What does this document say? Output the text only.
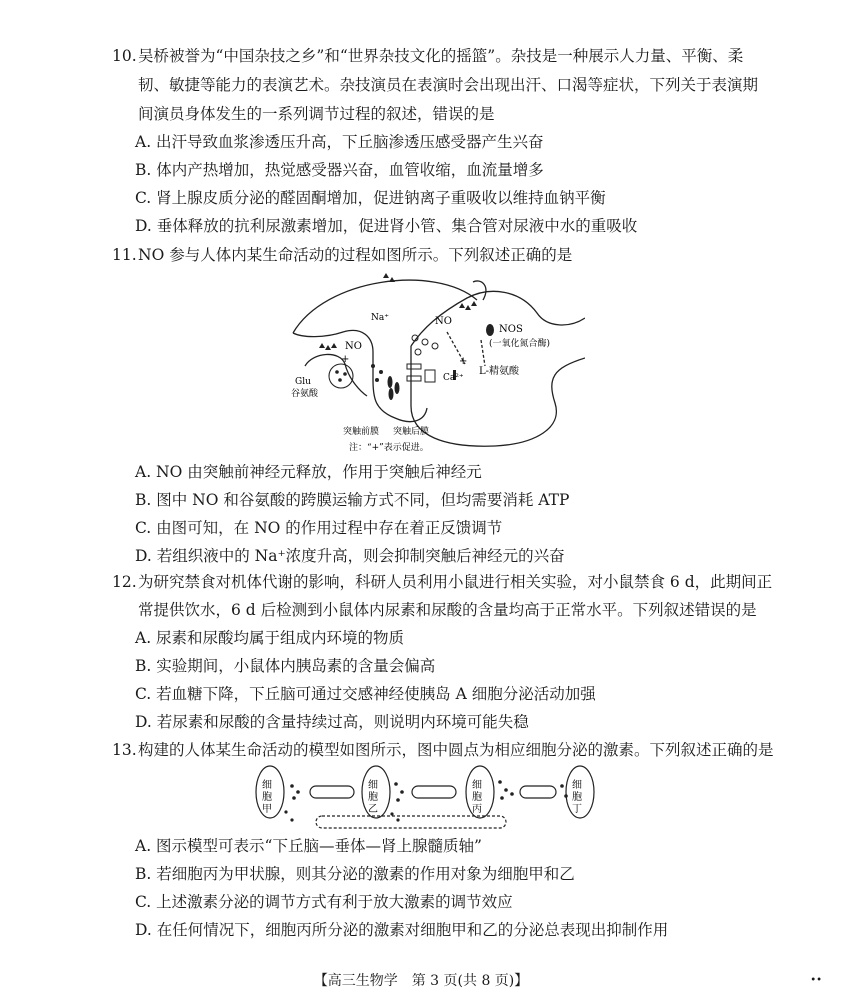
10. 吴桥被誉为“中国杂技之乡”和“世界杂技文化的摇篮”。杂技是一种展示人力量、平衡、柔
韧、敏捷等能力的表演艺术。杂技演员在表演时会出现出汗、口渴等症状，下列关于表演期
间演员身体发生的一系列调节过程的叙述，错误的是
A. 出汗导致血浆渗透压升高，下丘脑渗透压感受器产生兴奋
B. 体内产热增加，热觉感受器兴奋，血管收缩，血流量增多
C. 肾上腺皮质分泌的醛固酮增加，促进钠离子重吸收以维持血钠平衡
D. 垂体释放的抗利尿激素增加，促进肾小管、集合管对尿液中水的重吸收
11. NO 参与人体内某生命活动的过程如图所示。下列叙述正确的是
NO
+
Na⁺	NO
NOS
(一氧化氮合酶)
+
Ca²⁺
L-精氨酸
Glu
谷氨酸
突触前膜 突触后膜
注：“+”表示促进。
A. NO 由突触前神经元释放，作用于突触后神经元
B. 图中 NO 和谷氨酸的跨膜运输方式不同，但均需要消耗 ATP
C. 由图可知，在 NO 的作用过程中存在着正反馈调节
D. 若组织液中的 Na⁺浓度升高，则会抑制突触后神经元的兴奋
12. 为研究禁食对机体代谢的影响，科研人员利用小鼠进行相关实验，对小鼠禁食 6 d，此期间正
常提供饮水，6 d 后检测到小鼠体内尿素和尿酸的含量均高于正常水平。下列叙述错误的是
A. 尿素和尿酸均属于组成内环境的物质
B. 实验期间，小鼠体内胰岛素的含量会偏高
C. 若血糖下降，下丘脑可通过交感神经使胰岛 A 细胞分泌活动加强
D. 若尿素和尿酸的含量持续过高，则说明内环境可能失稳
13. 构建的人体某生命活动的模型如图所示，图中圆点为相应细胞分泌的激素。下列叙述正确的是
细胞甲	细胞乙	细胞丙	细胞丁
A. 图示模型可表示“下丘脑—垂体—肾上腺髓质轴”
B. 若细胞丙为甲状腺，则其分泌的激素的作用对象为细胞甲和乙
C. 上述激素分泌的调节方式有利于放大激素的调节效应
D. 在任何情况下，细胞丙所分泌的激素对细胞甲和乙的分泌总表现出抑制作用
【高三生物学　第 3 页(共 8 页)】	••
